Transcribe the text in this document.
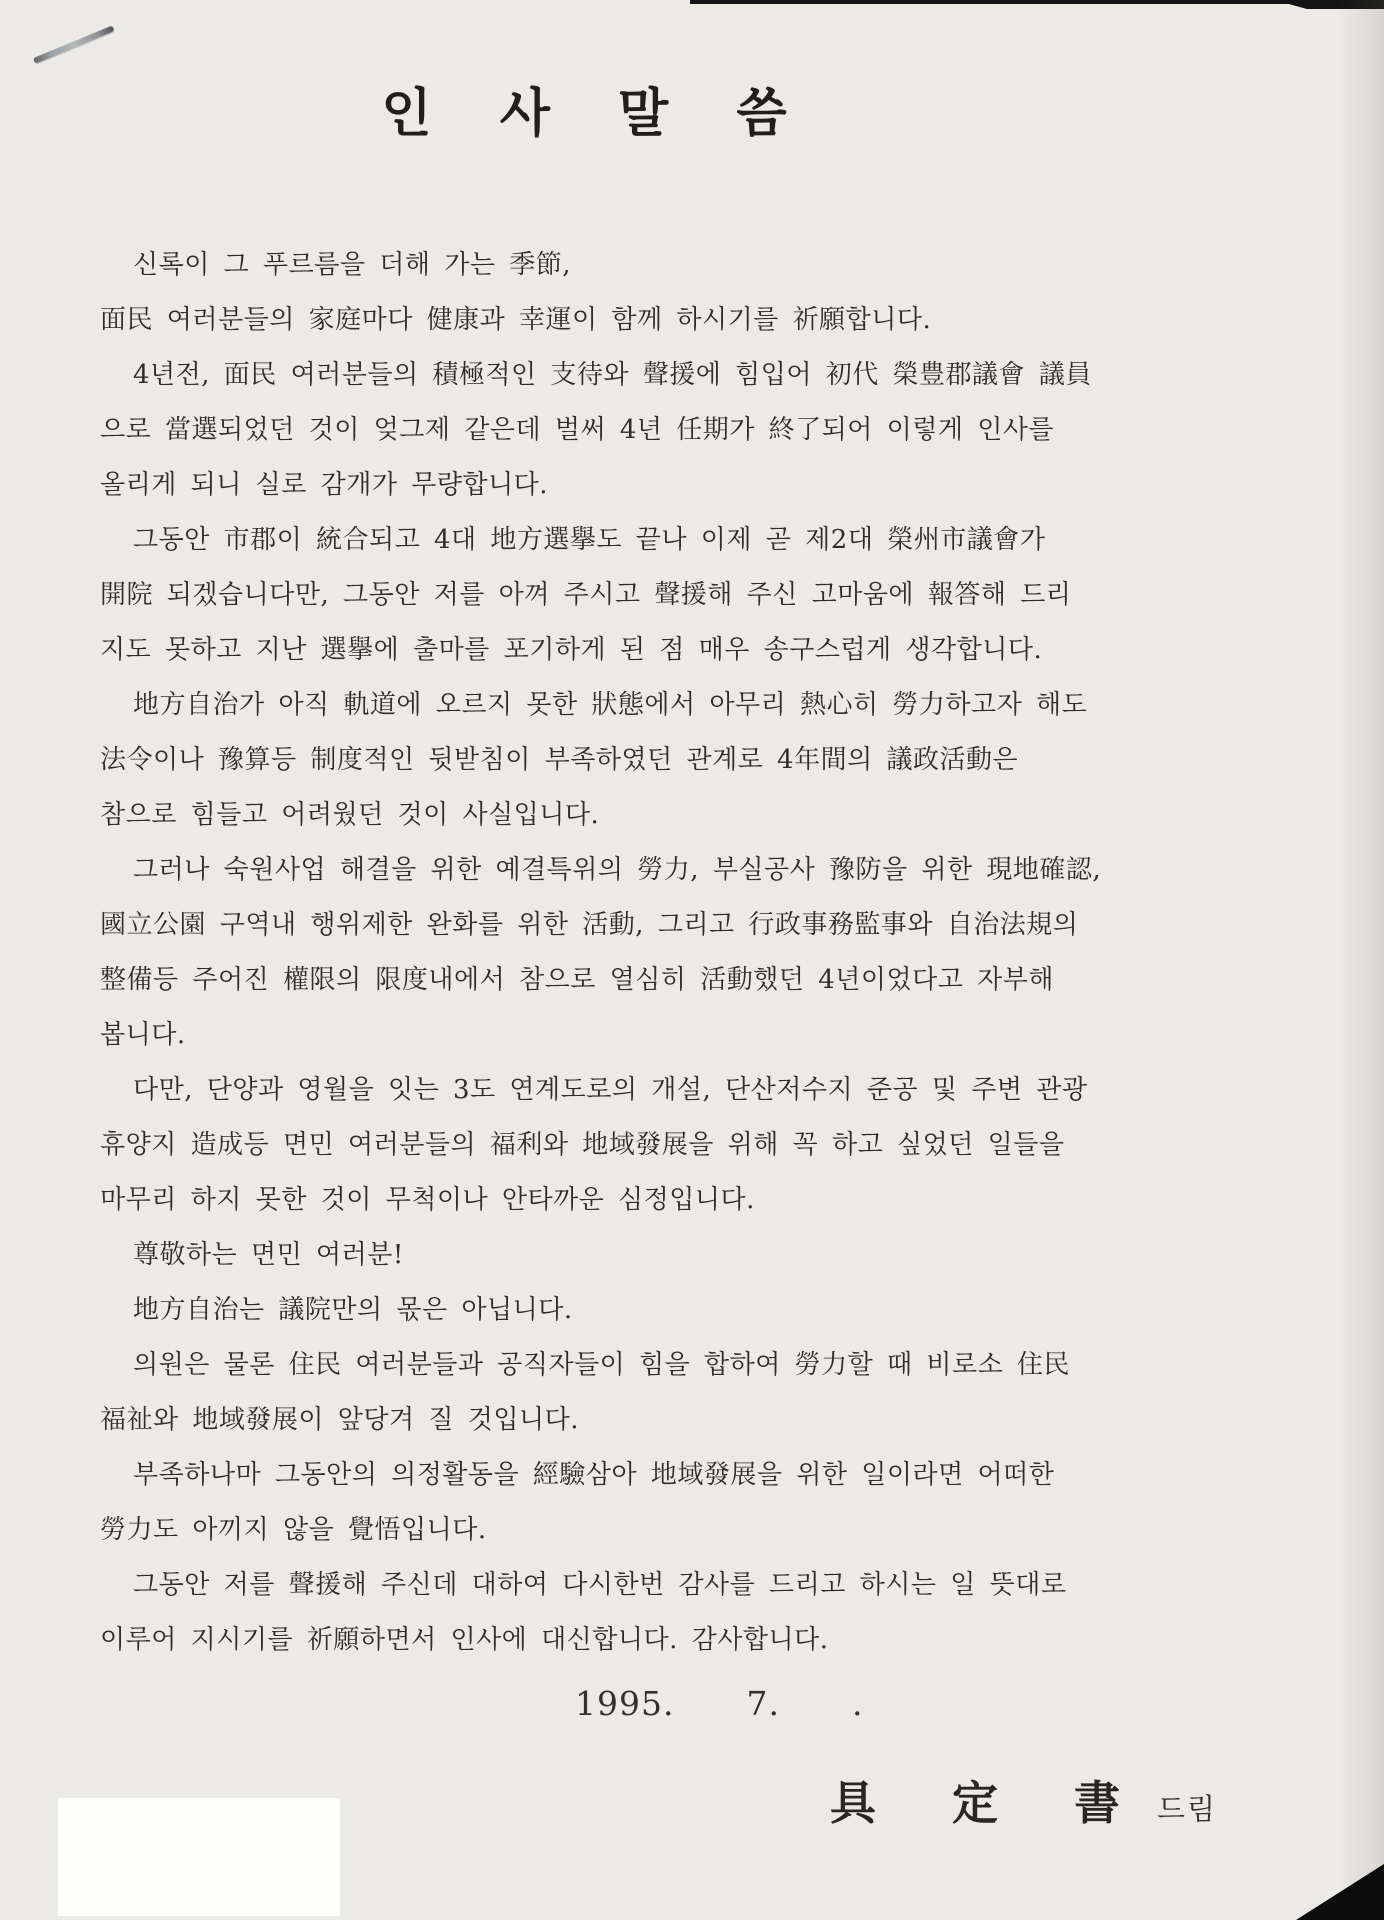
인 사 말 씀
신록이 그 푸르름을 더해 가는 季節,
面民 여러분들의 家庭마다 健康과 幸運이 함께 하시기를 祈願합니다.
4년전, 面民 여러분들의 積極적인 支待와 聲援에 힘입어 初代 榮豊郡議會 議員
으로 當選되었던 것이 엊그제 같은데 벌써 4년 任期가 終了되어 이렇게 인사를
올리게 되니 실로 감개가 무량합니다.
그동안 市郡이 統合되고 4대 地方選擧도 끝나 이제 곧 제2대 榮州市議會가
開院 되겠습니다만, 그동안 저를 아껴 주시고 聲援해 주신 고마움에 報答해 드리
지도 못하고 지난 選擧에 출마를 포기하게 된 점 매우 송구스럽게 생각합니다.
地方自治가 아직 軌道에 오르지 못한 狀態에서 아무리 熱心히 勞力하고자 해도
法令이나 豫算등 制度적인 뒷받침이 부족하였던 관계로 4年間의 議政活動은
참으로 힘들고 어려웠던 것이 사실입니다.
그러나 숙원사업 해결을 위한 예결특위의 勞力, 부실공사 豫防을 위한 現地確認,
國立公園 구역내 행위제한 완화를 위한 活動, 그리고 行政事務監事와 自治法規의
整備등 주어진 權限의 限度내에서 참으로 열심히 活動했던 4년이었다고 자부해
봅니다.
다만, 단양과 영월을 잇는 3도 연계도로의 개설, 단산저수지 준공 및 주변 관광
휴양지 造成등 면민 여러분들의 福利와 地域發展을 위해 꼭 하고 싶었던 일들을
마무리 하지 못한 것이 무척이나 안타까운 심정입니다.
尊敬하는 면민 여러분!
地方自治는 議院만의 몫은 아닙니다.
의원은 물론 住民 여러분들과 공직자들이 힘을 합하여 勞力할 때 비로소 住民
福祉와 地域發展이 앞당겨 질 것입니다.
부족하나마 그동안의 의정활동을 經驗삼아 地域發展을 위한 일이라면 어떠한
勞力도 아끼지 않을 覺悟입니다.
그동안 저를 聲援해 주신데 대하여 다시한번 감사를 드리고 하시는 일 뜻대로
이루어 지시기를 祈願하면서 인사에 대신합니다. 감사합니다.
1995. 7. .
具 定 書 드림
